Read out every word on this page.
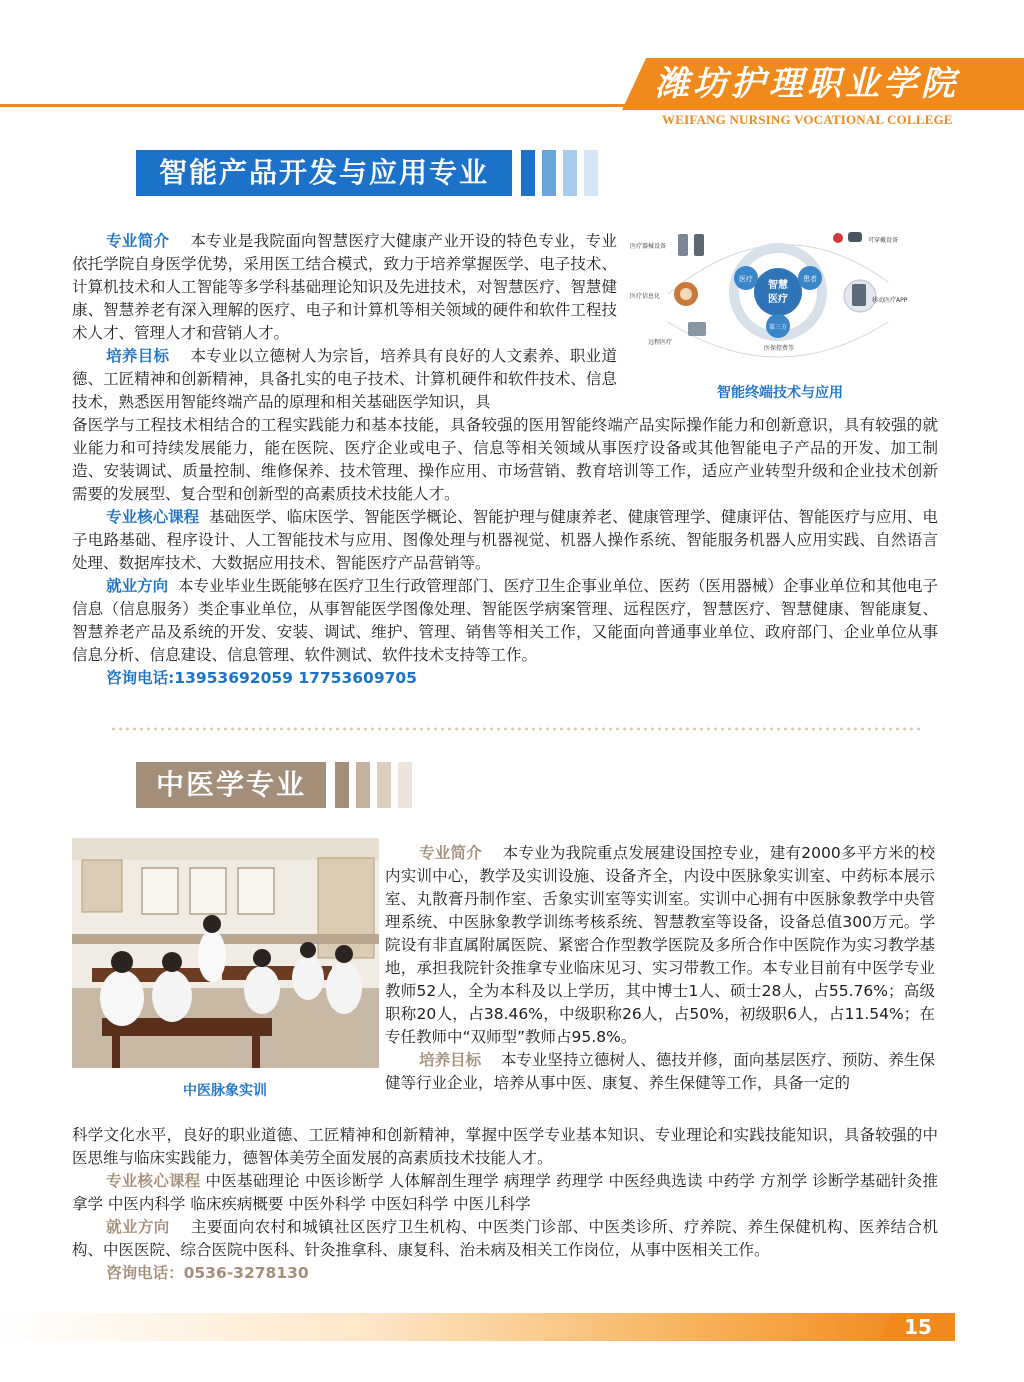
潍坊护理职业学院
WEIFANG NURSING VOCATIONAL COLLEGE
智能产品开发与应用专业

专业简介 本专业是我院面向智慧医疗大健康产业开设的特色专业，专业依托学院自身医学优势，采用医工结合模式，致力于培养掌握医学、电子技术、计算机技术和人工智能等多学科基础理论知识及先进技术，对智慧医疗、智慧健康、智慧养老有深入理解的医疗、电子和计算机等相关领域的硬件和软件工程技术人才、管理人才和营销人才。

培养目标 本专业以立德树人为宗旨，培养具有良好的人文素养、职业道德、工匠精神和创新精神，具备扎实的电子技术、计算机硬件和软件技术、信息技术，熟悉医用智能终端产品的原理和相关基础医学知识，具

智慧
医疗
医疗	患者
第三方
医疗器械设备
医疗信息化
远程医疗
医保控费等
可穿戴设备
移动医疗APP
智能终端技术与应用

备医学与工程技术相结合的工程实践能力和基本技能，具备较强的医用智能终端产品实际操作能力和创新意识，具有较强的就业能力和可持续发展能力，能在医院、医疗企业或电子、信息等相关领域从事医疗设备或其他智能电子产品的开发、加工制造、安装调试、质量控制、维修保养、技术管理、操作应用、市场营销、教育培训等工作，适应产业转型升级和企业技术创新需要的发展型、复合型和创新型的高素质技术技能人才。

专业核心课程 基础医学、临床医学、智能医学概论、智能护理与健康养老、健康管理学、健康评估、智能医疗与应用、电子电路基础、程序设计、人工智能技术与应用、图像处理与机器视觉、机器人操作系统、智能服务机器人应用实践、自然语言处理、数据库技术、大数据应用技术、智能医疗产品营销等。

就业方向 本专业毕业生既能够在医疗卫生行政管理部门、医疗卫生企事业单位、医药（医用器械）企事业单位和其他电子信息（信息服务）类企事业单位，从事智能医学图像处理、智能医学病案管理、远程医疗，智慧医疗、智慧健康、智能康复、智慧养老产品及系统的开发、安装、调试、维护、管理、销售等相关工作，又能面向普通事业单位、政府部门、企业单位从事信息分析、信息建设、信息管理、软件测试、软件技术支持等工作。

咨询电话:13953692059 17753609705

中医学专业
中医脉象实训

专业简介 本专业为我院重点发展建设国控专业，建有2000多平方米的校内实训中心，教学及实训设施、设备齐全，内设中医脉象实训室、中药标本展示室、丸散膏丹制作室、舌象实训室等实训室。实训中心拥有中医脉象教学中央管理系统、中医脉象教学训练考核系统、智慧教室等设备，设备总值300万元。学院设有非直属附属医院、紧密合作型教学医院及多所合作中医院作为实习教学基地，承担我院针灸推拿专业临床见习、实习带教工作。本专业目前有中医学专业教师52人，全为本科及以上学历，其中博士1人、硕士28人，占55.76%；高级职称20人，占38.46%，中级职称26人，占50%，初级职6人，占11.54%；在专任教师中“双师型”教师占95.8%。

培养目标 本专业坚持立德树人、德技并修，面向基层医疗、预防、养生保健等行业企业，培养从事中医、康复、养生保健等工作，具备一定的

科学文化水平，良好的职业道德、工匠精神和创新精神，掌握中医学专业基本知识、专业理论和实践技能知识，具备较强的中医思维与临床实践能力，德智体美劳全面发展的高素质技术技能人才。

专业核心课程 中医基础理论 中医诊断学 人体解剖生理学 病理学 药理学 中医经典选读 中药学 方剂学 诊断学基础针灸推拿学 中医内科学 临床疾病概要 中医外科学 中医妇科学 中医儿科学

就业方向 主要面向农村和城镇社区医疗卫生机构、中医类门诊部、中医类诊所、疗养院、养生保健机构、医养结合机构、中医医院、综合医院中医科、针灸推拿科、康复科、治未病及相关工作岗位，从事中医相关工作。

咨询电话：0536-3278130

15
